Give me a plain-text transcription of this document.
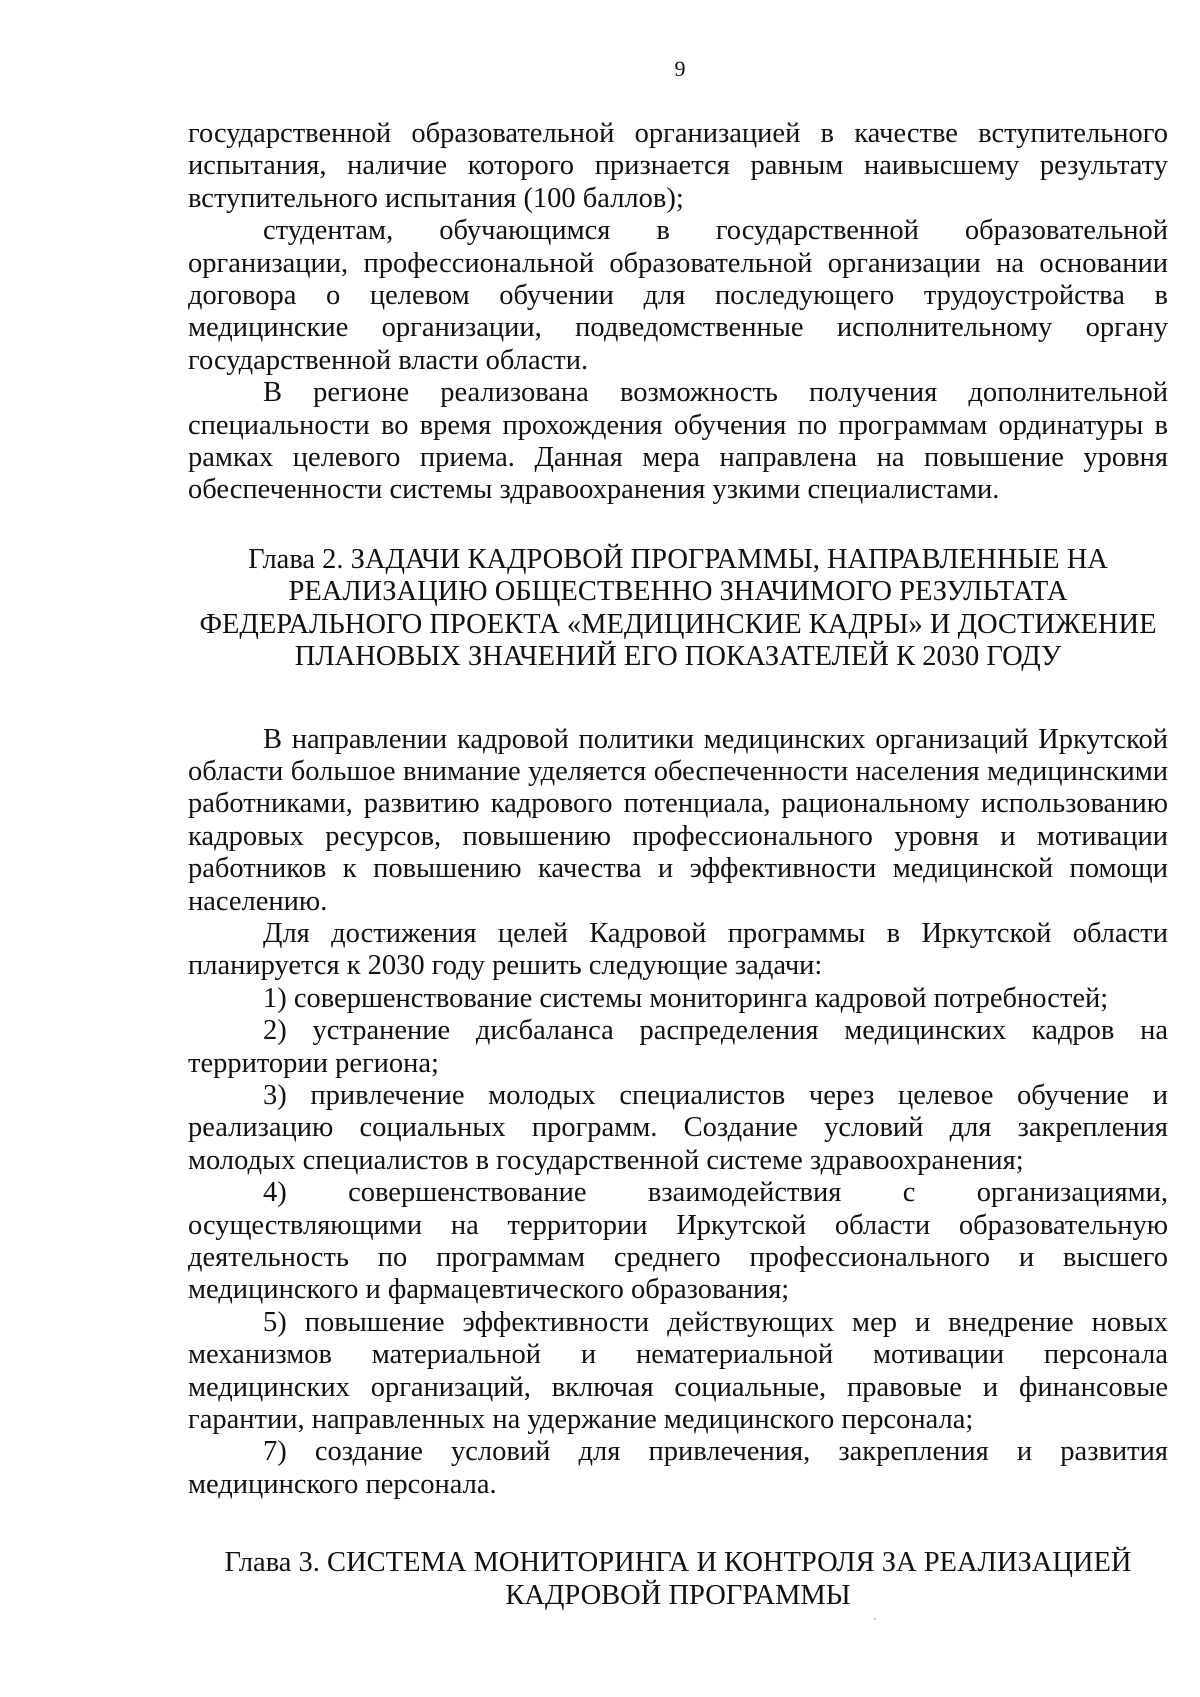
9

государственной образовательной организацией в качестве вступительного испытания, наличие которого признается равным наивысшему результату вступительного испытания (100 баллов);

студентам, обучающимся в государственной образовательной организации, профессиональной образовательной организации на основании договора о целевом обучении для последующего трудоустройства в медицинские организации, подведомственные исполнительному органу государственной власти области.

В регионе реализована возможность получения дополнительной специальности во время прохождения обучения по программам ординатуры в рамках целевого приема. Данная мера направлена на повышение уровня обеспеченности системы здравоохранения узкими специалистами.

Глава 2. ЗАДАЧИ КАДРОВОЙ ПРОГРАММЫ, НАПРАВЛЕННЫЕ НА
РЕАЛИЗАЦИЮ ОБЩЕСТВЕННО ЗНАЧИМОГО РЕЗУЛЬТАТА
ФЕДЕРАЛЬНОГО ПРОЕКТА «МЕДИЦИНСКИЕ КАДРЫ» И ДОСТИЖЕНИЕ
ПЛАНОВЫХ ЗНАЧЕНИЙ ЕГО ПОКАЗАТЕЛЕЙ К 2030 ГОДУ

В направлении кадровой политики медицинских организаций Иркутской области большое внимание уделяется обеспеченности населения медицинскими работниками, развитию кадрового потенциала, рациональному использованию кадровых ресурсов, повышению профессионального уровня и мотивации работников к повышению качества и эффективности медицинской помощи населению.

Для достижения целей Кадровой программы в Иркутской области планируется к 2030 году решить следующие задачи:

1) совершенствование системы мониторинга кадровой потребностей;

2) устранение дисбаланса распределения медицинских кадров на территории региона;

3) привлечение молодых специалистов через целевое обучение и реализацию социальных программ. Создание условий для закрепления молодых специалистов в государственной системе здравоохранения;

4) совершенствование взаимодействия с организациями, осуществляющими на территории Иркутской области образовательную деятельность по программам среднего профессионального и высшего медицинского и фармацевтического образования;

5) повышение эффективности действующих мер и внедрение новых механизмов материальной и нематериальной мотивации персонала медицинских организаций, включая социальные, правовые и финансовые гарантии, направленных на удержание медицинского персонала;

7) создание условий для привлечения, закрепления и развития медицинского персонала.

Глава 3. СИСТЕМА МОНИТОРИНГА И КОНТРОЛЯ ЗА РЕАЛИЗАЦИЕЙ
КАДРОВОЙ ПРОГРАММЫ
